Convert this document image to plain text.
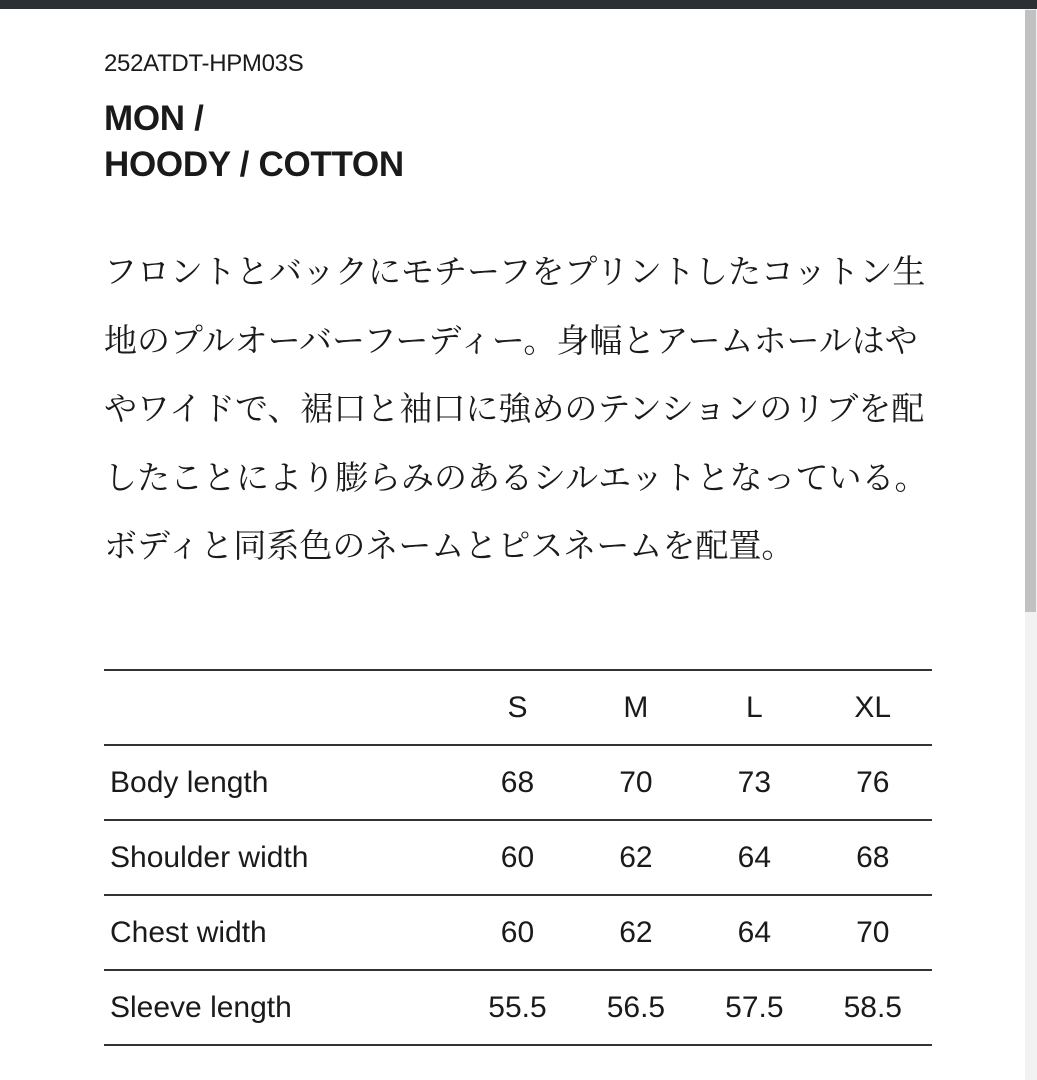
252ATDT-HPM03S
MON /
HOODY / COTTON
フロントとバックにモチーフをプリントしたコットン生
地のプルオーバーフーディー。身幅とアームホールはや
やワイドで、裾口と袖口に強めのテンションのリブを配
したことにより膨らみのあるシルエットとなっている。
ボディと同系色のネームとピスネームを配置。
	S	M	L	XL
Body length	68	70	73	76
Shoulder width	60	62	64	68
Chest width	60	62	64	70
Sleeve length	55.5	56.5	57.5	58.5
